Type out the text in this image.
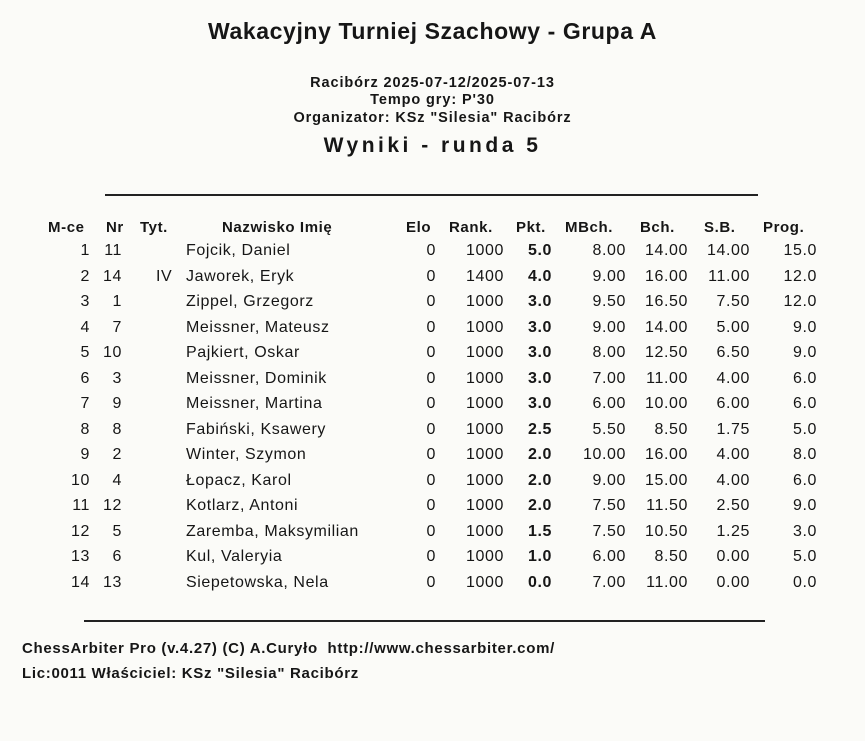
Wakacyjny Turniej Szachowy - Grupa A
Racibórz 2025-07-12/2025-07-13
Tempo gry: P'30
Organizator: KSz "Silesia" Racibórz
Wyniki - runda 5
M-ce Nr Tyt.	Nazwisko Imię	Elo Rank. Pkt. MBch. Bch. S.B. Prog.
1 11	Fojcik, Daniel	0 1000 5.0	8.00 14.00 14.00 15.0
2 14 IV Jaworek, Eryk	0 1400 4.0	9.00 16.00 11.00 12.0
3 1	Zippel, Grzegorz	0 1000 3.0	9.50 16.50 7.50 12.0
4 7	Meissner, Mateusz	0 1000 3.0	9.00 14.00 5.00	9.0
5 10	Pajkiert, Oskar	0 1000 3.0	8.00 12.50 6.50	9.0
6 3	Meissner, Dominik	0 1000 3.0	7.00 11.00 4.00	6.0
7 9	Meissner, Martina	0 1000 3.0	6.00 10.00 6.00	6.0
8 8	Fabiński, Ksawery	0 1000 2.5	5.50 8.50 1.75	5.0
9 2	Winter, Szymon	0 1000 2.0 10.00 16.00 4.00	8.0
10 4	Łopacz, Karol	0 1000 2.0	9.00 15.00 4.00	6.0
11 12	Kotlarz, Antoni	0 1000 2.0	7.50 11.50 2.50	9.0
12 5	Zaremba, Maksymilian	0 1000 1.5	7.50 10.50 1.25	3.0
13 6	Kul, Valeryia	0 1000 1.0	6.00 8.50 0.00	5.0
14 13	Siepetowska, Nela	0 1000 0.0	7.00 11.00 0.00	0.0
ChessArbiter Pro (v.4.27) (C) A.Curyło  http://www.chessarbiter.com/
Lic:0011 Właściciel: KSz "Silesia" Racibórz
